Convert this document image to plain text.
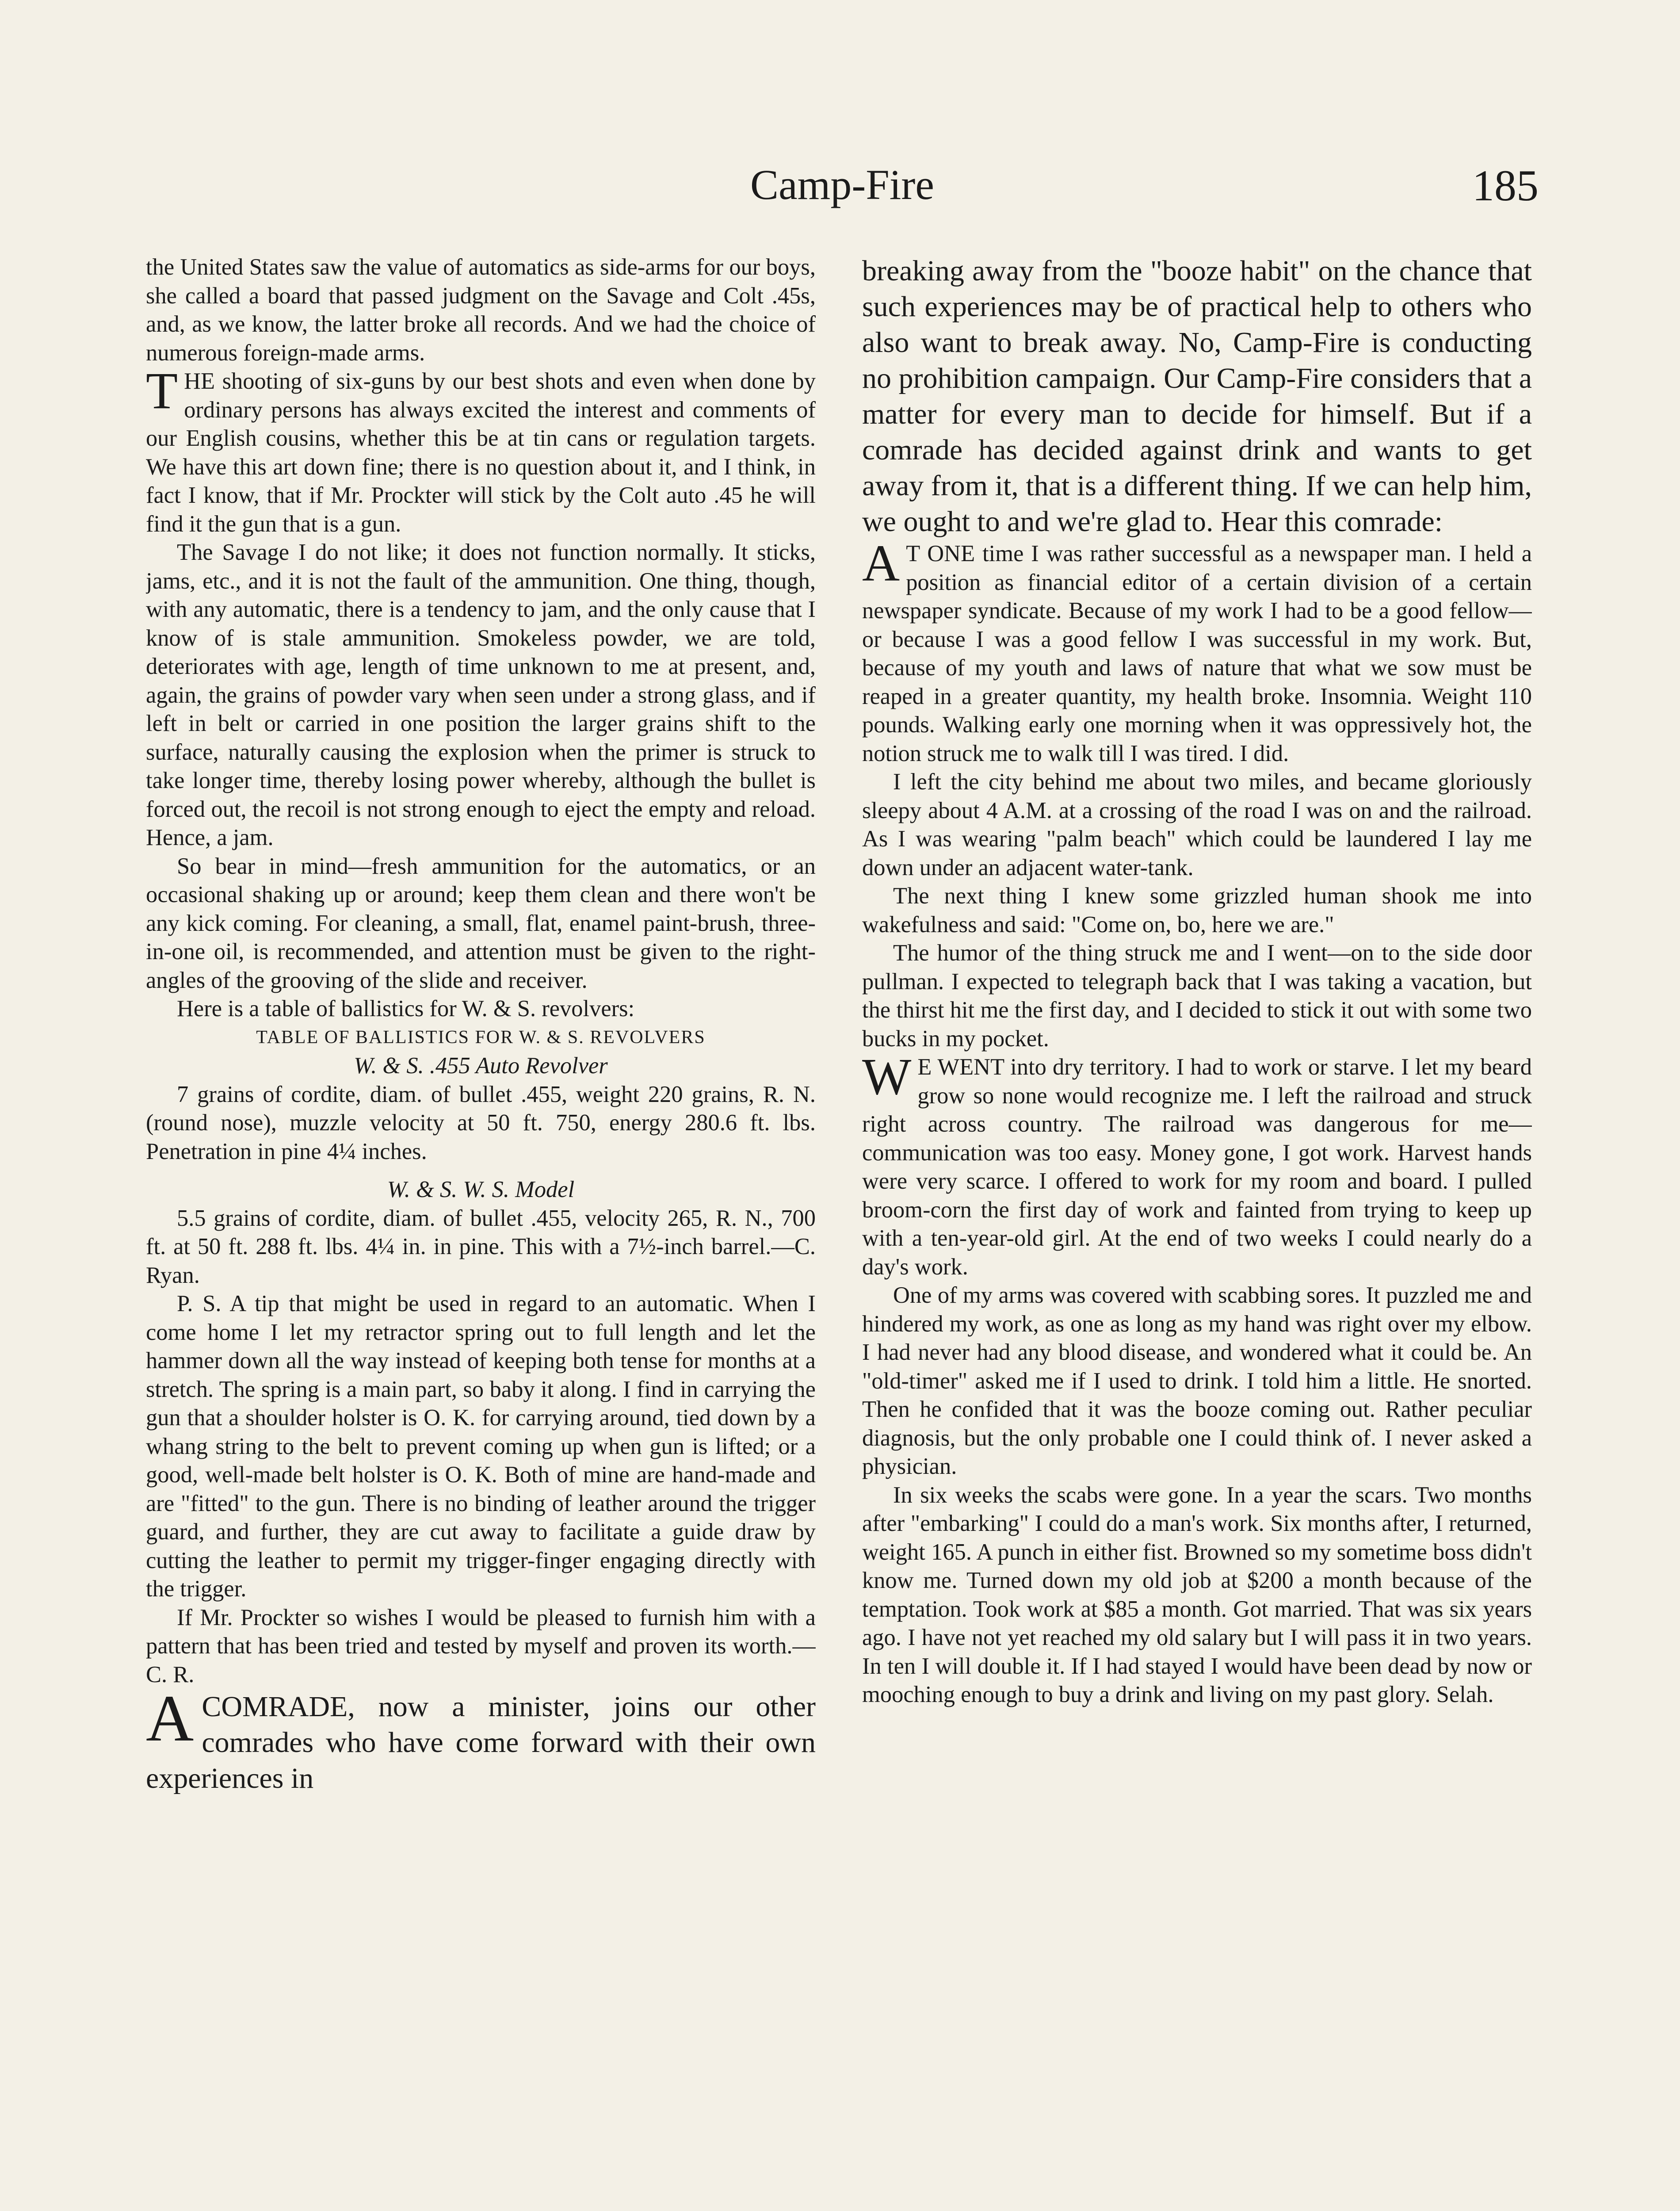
Camp-Fire	185

the United States saw the value of automatics as side-arms for our boys, she called a board that passed judgment on the Savage and Colt .45s, and, as we know, the latter broke all records. And we had the choice of numerous foreign-made arms.

THE shooting of six-guns by our best shots and even when done by ordinary persons has always excited the interest and comments of our English cousins, whether this be at tin cans or regulation targets. We have this art down fine; there is no question about it, and I think, in fact I know, that if Mr. Prockter will stick by the Colt auto .45 he will find it the gun that is a gun.

The Savage I do not like; it does not function normally. It sticks, jams, etc., and it is not the fault of the ammunition. One thing, though, with any automatic, there is a tendency to jam, and the only cause that I know of is stale ammunition. Smokeless powder, we are told, deteriorates with age, length of time unknown to me at present, and, again, the grains of powder vary when seen under a strong glass, and if left in belt or carried in one position the larger grains shift to the surface, naturally causing the explosion when the primer is struck to take longer time, thereby losing power whereby, although the bullet is forced out, the recoil is not strong enough to eject the empty and reload. Hence, a jam.

So bear in mind—fresh ammunition for the automatics, or an occasional shaking up or around; keep them clean and there won't be any kick coming. For cleaning, a small, flat, enamel paint-brush, three-in-one oil, is recommended, and attention must be given to the right-angles of the grooving of the slide and receiver.

Here is a table of ballistics for W. & S. revolvers:

TABLE OF BALLISTICS FOR W. & S. REVOLVERS

W. & S. .455 Auto Revolver

7 grains of cordite, diam. of bullet .455, weight 220 grains, R. N. (round nose), muzzle velocity at 50 ft. 750, energy 280.6 ft. lbs. Penetration in pine 4¼ inches.

W. & S. W. S. Model

5.5 grains of cordite, diam. of bullet .455, velocity 265, R. N., 700 ft. at 50 ft. 288 ft. lbs. 4¼ in. in pine. This with a 7½-inch barrel.—C. Ryan.

P. S. A tip that might be used in regard to an automatic. When I come home I let my retractor spring out to full length and let the hammer down all the way instead of keeping both tense for months at a stretch. The spring is a main part, so baby it along. I find in carrying the gun that a shoulder holster is O. K. for carrying around, tied down by a whang string to the belt to prevent coming up when gun is lifted; or a good, well-made belt holster is O. K. Both of mine are hand-made and are "fitted" to the gun. There is no binding of leather around the trigger guard, and further, they are cut away to facilitate a guide draw by cutting the leather to permit my trigger-finger engaging directly with the trigger.

If Mr. Prockter so wishes I would be pleased to furnish him with a pattern that has been tried and tested by myself and proven its worth.—C. R.

ACOMRADE, now a minister, joins our other comrades who have come forward with their own experiences in

breaking away from the "booze habit" on the chance that such experiences may be of practical help to others who also want to break away. No, Camp-Fire is conducting no prohibition campaign. Our Camp-Fire considers that a matter for every man to decide for himself. But if a comrade has decided against drink and wants to get away from it, that is a different thing. If we can help him, we ought to and we're glad to. Hear this comrade:

A T ONE time I was rather successful as a newspaper man. I held a position as financial editor of a certain division of a certain newspaper syndicate. Because of my work I had to be a good fellow—or because I was a good fellow I was successful in my work. But, because of my youth and laws of nature that what we sow must be reaped in a greater quantity, my health broke. Insomnia. Weight 110 pounds. Walking early one morning when it was oppressively hot, the notion struck me to walk till I was tired. I did.

I left the city behind me about two miles, and became gloriously sleepy about 4 A.M. at a crossing of the road I was on and the railroad. As I was wearing "palm beach" which could be laundered I lay me down under an adjacent water-tank.

The next thing I knew some grizzled human shook me into wakefulness and said: "Come on, bo, here we are."

The humor of the thing struck me and I went—on to the side door pullman. I expected to telegraph back that I was taking a vacation, but the thirst hit me the first day, and I decided to stick it out with some two bucks in my pocket.

W E WENT into dry territory. I had to work or starve. I let my beard grow so none would recognize me. I left the railroad and struck right across country. The railroad was dangerous for me—communication was too easy. Money gone, I got work. Harvest hands were very scarce. I offered to work for my room and board. I pulled broom-corn the first day of work and fainted from trying to keep up with a ten-year-old girl. At the end of two weeks I could nearly do a day's work.

One of my arms was covered with scabbing sores. It puzzled me and hindered my work, as one as long as my hand was right over my elbow. I had never had any blood disease, and wondered what it could be. An "old-timer" asked me if I used to drink. I told him a little. He snorted. Then he confided that it was the booze coming out. Rather peculiar diagnosis, but the only probable one I could think of. I never asked a physician.

In six weeks the scabs were gone. In a year the scars. Two months after "embarking" I could do a man's work. Six months after, I returned, weight 165. A punch in either fist. Browned so my sometime boss didn't know me. Turned down my old job at $200 a month because of the temptation. Took work at $85 a month. Got married. That was six years ago. I have not yet reached my old salary but I will pass it in two years. In ten I will double it. If I had stayed I would have been dead by now or mooching enough to buy a drink and living on my past glory. Selah.
